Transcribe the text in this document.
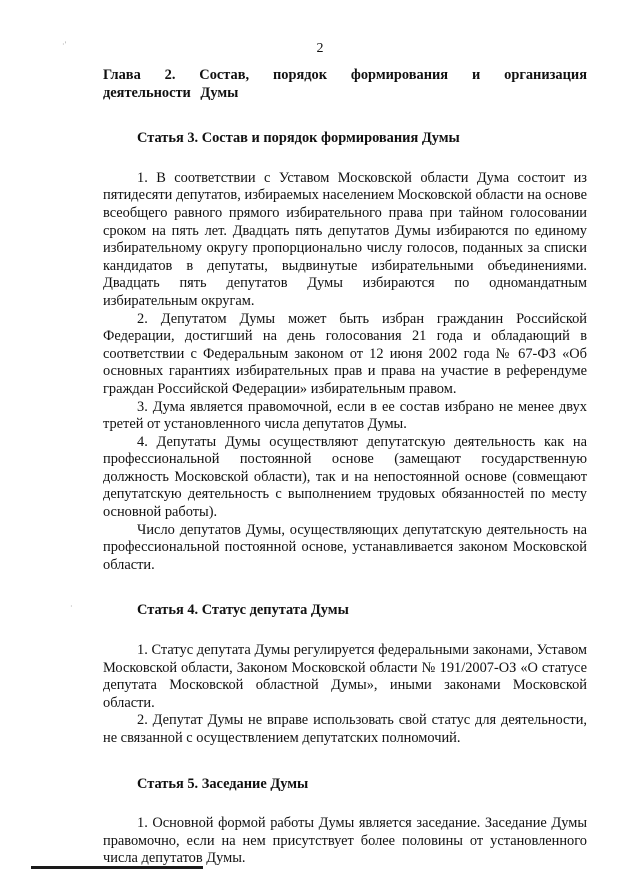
·'
·
2

Глава 2. Состав, порядок формирования и организация деятельности Думы

Статья 3. Состав и порядок формирования Думы

1. В соответствии с Уставом Московской области Дума состоит из пятидесяти депутатов, избираемых населением Московской области на основе всеобщего равного прямого избирательного права при тайном голосовании сроком на пять лет. Двадцать пять депутатов Думы избираются по единому избирательному округу пропорционально числу голосов, поданных за списки кандидатов в депутаты, выдвинутые избирательными объединениями. Двадцать пять депутатов Думы избираются по одномандатным избирательным округам.

2. Депутатом Думы может быть избран гражданин Российской Федерации, достигший на день голосования 21 года и обладающий в соответствии с Федеральным законом от 12 июня 2002 года № 67-ФЗ «Об основных гарантиях избирательных прав и права на участие в референдуме граждан Российской Федерации» избирательным правом.

3. Дума является правомочной, если в ее состав избрано не менее двух третей от установленного числа депутатов Думы.

4. Депутаты Думы осуществляют депутатскую деятельность как на профессиональной постоянной основе (замещают государственную должность Московской области), так и на непостоянной основе (совмещают депутатскую деятельность с выполнением трудовых обязанностей по месту основной работы).

Число депутатов Думы, осуществляющих депутатскую деятельность на профессиональной постоянной основе, устанавливается законом Московской области.

Статья 4. Статус депутата Думы

1. Статус депутата Думы регулируется федеральными законами, Уставом Московской области, Законом Московской области № 191/2007-ОЗ «О статусе депутата Московской областной Думы», иными законами Московской области.

2. Депутат Думы не вправе использовать свой статус для деятельности, не связанной с осуществлением депутатских полномочий.

Статья 5. Заседание Думы

1. Основной формой работы Думы является заседание. Заседание Думы правомочно, если на нем присутствует более половины от установленного числа депутатов Думы.
